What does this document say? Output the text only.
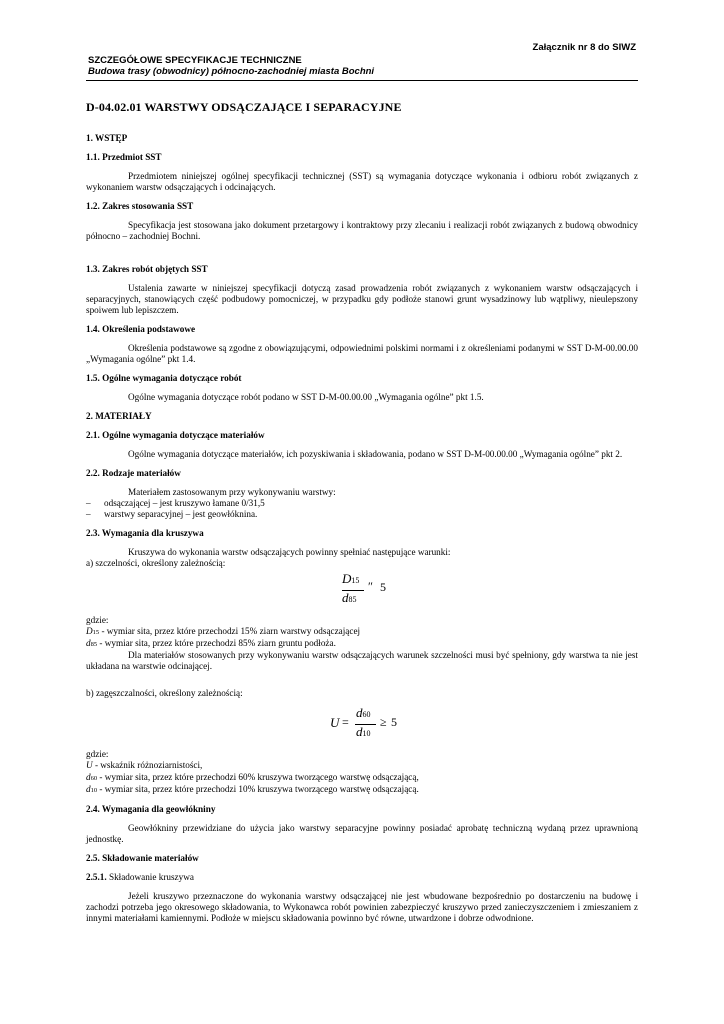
Załącznik nr 8 do SIWZ
SZCZEGÓŁOWE SPECYFIKACJE TECHNICZNE
Budowa trasy (obwodnicy) północno-zachodniej miasta Bochni
D-04.02.01 WARSTWY ODSĄCZAJĄCE I SEPARACYJNE
1. WSTĘP
1.1. Przedmiot SST
Przedmiotem niniejszej ogólnej specyfikacji technicznej (SST) są wymagania dotyczące wykonania i odbioru robót związanych z wykonaniem warstw odsączających i odcinających.
1.2. Zakres stosowania SST
Specyfikacja jest stosowana jako dokument przetargowy i kontraktowy przy zlecaniu i realizacji robót związanych z budową obwodnicy północno – zachodniej Bochni.
1.3. Zakres robót objętych SST
Ustalenia zawarte w niniejszej specyfikacji dotyczą zasad prowadzenia robót związanych z wykonaniem warstw odsączających i separacyjnych, stanowiących część podbudowy pomocniczej, w przypadku gdy podłoże stanowi grunt wysadzinowy lub wątpliwy, nieulepszony spoiwem lub lepiszczem.
1.4. Określenia podstawowe
Określenia podstawowe są zgodne z obowiązującymi, odpowiednimi polskimi normami i z określeniami podanymi w SST D-M-00.00.00 „Wymagania ogólne” pkt 1.4.
1.5. Ogólne wymagania dotyczące robót
Ogólne wymagania dotyczące robót podano w SST D-M-00.00.00 „Wymagania ogólne” pkt 1.5.
2. MATERIAŁY
2.1. Ogólne wymagania dotyczące materiałów
Ogólne wymagania dotyczące materiałów, ich pozyskiwania i składowania, podano w SST D-M-00.00.00 „Wymagania ogólne” pkt 2.
2.2. Rodzaje materiałów
Materiałem zastosowanym przy wykonywaniu warstwy:
– odsączającej – jest kruszywo łamane 0/31,5
– warstwy separacyjnej – jest geowłóknina.
2.3. Wymagania dla kruszywa
Kruszywa do wykonania warstw odsączających powinny spełniać następujące warunki:
a) szczelności, określony zależnością:
D15
d85
″ 5
gdzie:
D15 - wymiar sita, przez które przechodzi 15% ziarn warstwy odsączającej
d85 - wymiar sita, przez które przechodzi 85% ziarn gruntu podłoża.
Dla materiałów stosowanych przy wykonywaniu warstw odsączających warunek szczelności musi być spełniony, gdy warstwa ta nie jest układana na warstwie odcinającej.
b) zagęszczalności, określony zależnością:
U =
d60
d10
≥ 5
gdzie:
U - wskaźnik różnoziarnistości,
d60 - wymiar sita, przez które przechodzi 60% kruszywa tworzącego warstwę odsączającą,
d10 - wymiar sita, przez które przechodzi 10% kruszywa tworzącego warstwę odsączającą.
2.4. Wymagania dla geowłókniny
Geowłókniny przewidziane do użycia jako warstwy separacyjne powinny posiadać aprobatę techniczną wydaną przez uprawnioną jednostkę.
2.5. Składowanie materiałów
2.5.1. Składowanie kruszywa
Jeżeli kruszywo przeznaczone do wykonania warstwy odsączającej nie jest wbudowane bezpośrednio po dostarczeniu na budowę i zachodzi potrzeba jego okresowego składowania, to Wykonawca robót powinien zabezpieczyć kruszywo przed zanieczyszczeniem i zmieszaniem z innymi materiałami kamiennymi. Podłoże w miejscu składowania powinno być równe, utwardzone i dobrze odwodnione.
